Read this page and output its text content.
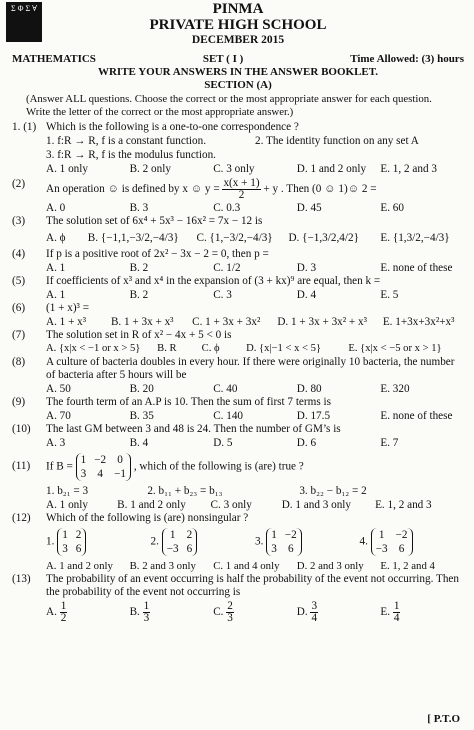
Σ Φ Σ ∀	PINMA
PRIVATE HIGH SCHOOL
DECEMBER 2015
MATHEMATICS	SET ( I )	Time Allowed: (3) hours
WRITE YOUR ANSWERS IN THE ANSWER BOOKLET.
SECTION (A)
(Answer ALL questions. Choose the correct or the most appropriate answer for each question.
Write the letter of the correct or the most appropriate answer.)
1. (1) Which is the following is a one-to-one correspondence ?
1. f:R → R, f is a constant function.	2. The identity function on any set A
3. f:R → R, f is the modulus function.
A. 1 only	B. 2 only	C. 3 only	D. 1 and 2 only	E. 1, 2 and 3
(2)	An operation ☺ is defined by x ☺ $y = \frac{x(x + 1)}{2} + y$ . Then (0 ☺ 1)☺ 2 =
A. 0	B. 3	C. 0.3	D. 45	E. 60
(3)	The solution set of 6x⁴ + 5x³ − 16x² = 7x − 12 is
A. ϕ	B. {−1,1,−3/2,−4/3}	C. {1,−3/2,−4/3}	D. {−1,3/2,4/2}	E. {1,3/2,−4/3}
(4)	If p is a positive root of 2x² − 3x − 2 = 0, then p =
A. 1	B. 2	C. 1/2	D. 3	E. none of these
(5)	If coefficients of x³ and x⁴ in the expansion of (3 + kx)⁹ are equal, then k =
A. 1	B. 2	C. 3	D. 4	E. 5
(6)	(1 + x)³ =
A. 1 + x³	B. 1 + 3x + x³	C. 1 + 3x + 3x²	D. 1 + 3x + 3x² + x³	E. 1+3x+3x²+x³
(7)	The solution set in R of x² − 4x + 5 < 0 is
A. {x|x < −1 or x > 5}	B. R	C. ϕ	D. {x|−1 < x < 5}	E. {x|x < −5 or x > 1}
(8)	A culture of bacteria doubles in every hour. If there were originally 10 bacteria, the number of bacteria after 5 hours will be
A. 50	B. 20	C. 40	D. 80	E. 320
(9)	The fourth term of an A.P is 10. Then the sum of first 7 terms is
A. 70	B. 35	C. 140	D. 17.5	E. none of these
(10)	The last GM between 3 and 48 is 24. Then the number of GM’s is
A. 3	B. 4	D. 5	D. 6	E. 7
(11)	If B =
1 −2 0
3 4 −1
, which of the following is (are) true ?
1. b₂₁ = 3	2. b₁₁ + b₂₃ = b₁₃	3. b₂₂ − b₁₂ = 2
A. 1 only	B. 1 and 2 only	C. 3 only	D. 1 and 3 only	E. 1, 2 and 3
(12)	Which of the following is (are) nonsingular ?
1.
1 2
3 6
2.
1 2
−3 6
3.
1 −2
3 6
4.
1 −2
−3 6
A. 1 and 2 only	B. 2 and 3 only	C. 1 and 4 only	D. 2 and 3 only	E. 1, 2 and 4
(13)	The probability of an event occurring is half the probability of the event not occurring. Then the probability of the event not occurring is
A. $\frac{1}{2}$	B. $\frac{1}{3}$	C. $\frac{2}{3}$	D. $\frac{3}{4}$	E. $\frac{1}{4}$
[ P.T.O
